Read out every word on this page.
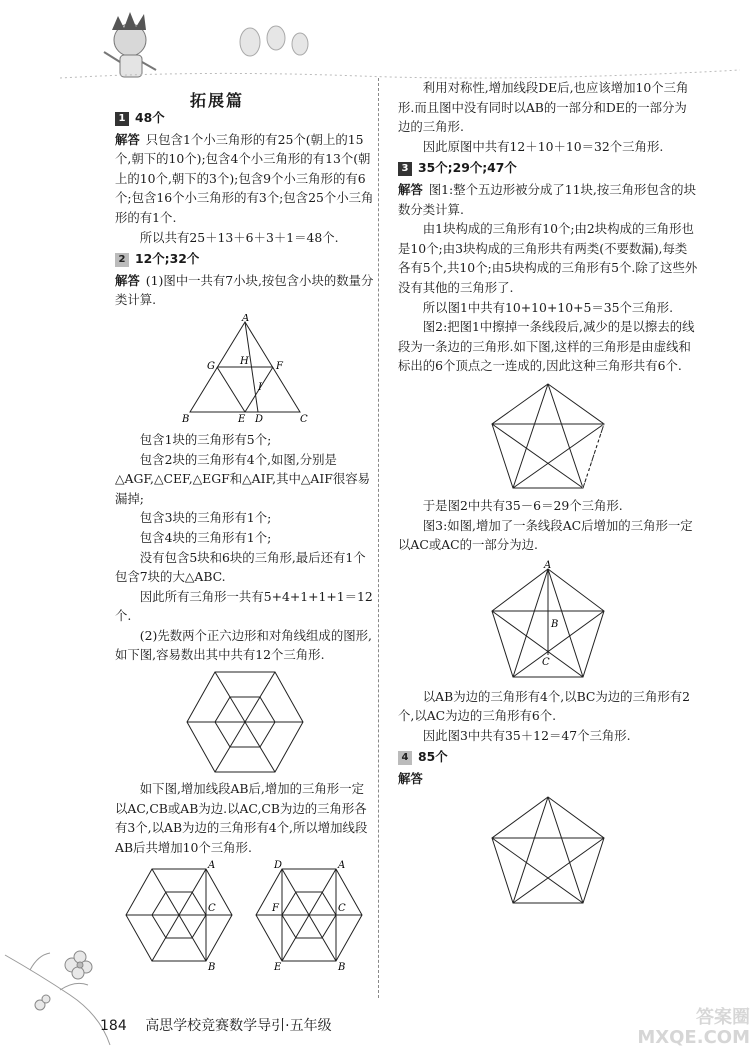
拓展篇

1 48个

解答 只包含1个小三角形的有25个(朝上的15个,朝下的10个);包含4个小三角形的有13个(朝上的10个,朝下的3个);包含9个小三角形的有6个;包含16个小三角形的有3个;包含25个小三角形的有1个.

所以共有25＋13＋6＋3＋1＝48个.

2 12个;32个

解答 (1)图中一共有7小块,按包含小块的数量分类计算.

A
G	H	F
I
B	E D	C

包含1块的三角形有5个;

包含2块的三角形有4个,如图,分别是△AGF,△CEF,△EGF和△AIF,其中△AIF很容易漏掉;

包含3块的三角形有1个;

包含4块的三角形有1个;

没有包含5块和6块的三角形,最后还有1个包含7块的大△ABC.

因此所有三角形一共有5+4+1+1+1＝12个.

(2)先数两个正六边形和对角线组成的图形,如下图,容易数出其中共有12个三角形.

如下图,增加线段AB后,增加的三角形一定以AC,CB或AB为边.以AC,CB为边的三角形各有3个,以AB为边的三角形有4个,所以增加线段AB后共增加10个三角形.

A
C
B
D	A
F	C
E	B

利用对称性,增加线段DE后,也应该增加10个三角形.而且图中没有同时以AB的一部分和DE的一部分为边的三角形.

因此原图中共有12＋10＋10＝32个三角形.

3 35个;29个;47个

解答 图1:整个五边形被分成了11块,按三角形包含的块数分类计算.

由1块构成的三角形有10个;由2块构成的三角形也是10个;由3块构成的三角形共有两类(不要数漏),每类各有5个,共10个;由5块构成的三角形有5个.除了这些外没有其他的三角形了.

所以图1中共有10+10+10+5＝35个三角形.

图2:把图1中擦掉一条线段后,减少的是以擦去的线段为一条边的三角形.如下图,这样的三角形是由虚线和标出的6个顶点之一连成的,因此这种三角形共有6个.

于是图2中共有35－6＝29个三角形.

图3:如图,增加了一条线段AC后增加的三角形一定以AC或AC的一部分为边.

A
B
C

以AB为边的三角形有4个,以BC为边的三角形有2个,以AC为边的三角形有6个.

因此图3中共有35＋12＝47个三角形.

4 85个

解答

184 高思学校竞赛数学导引·五年级	答案圈 MXQE.COM
